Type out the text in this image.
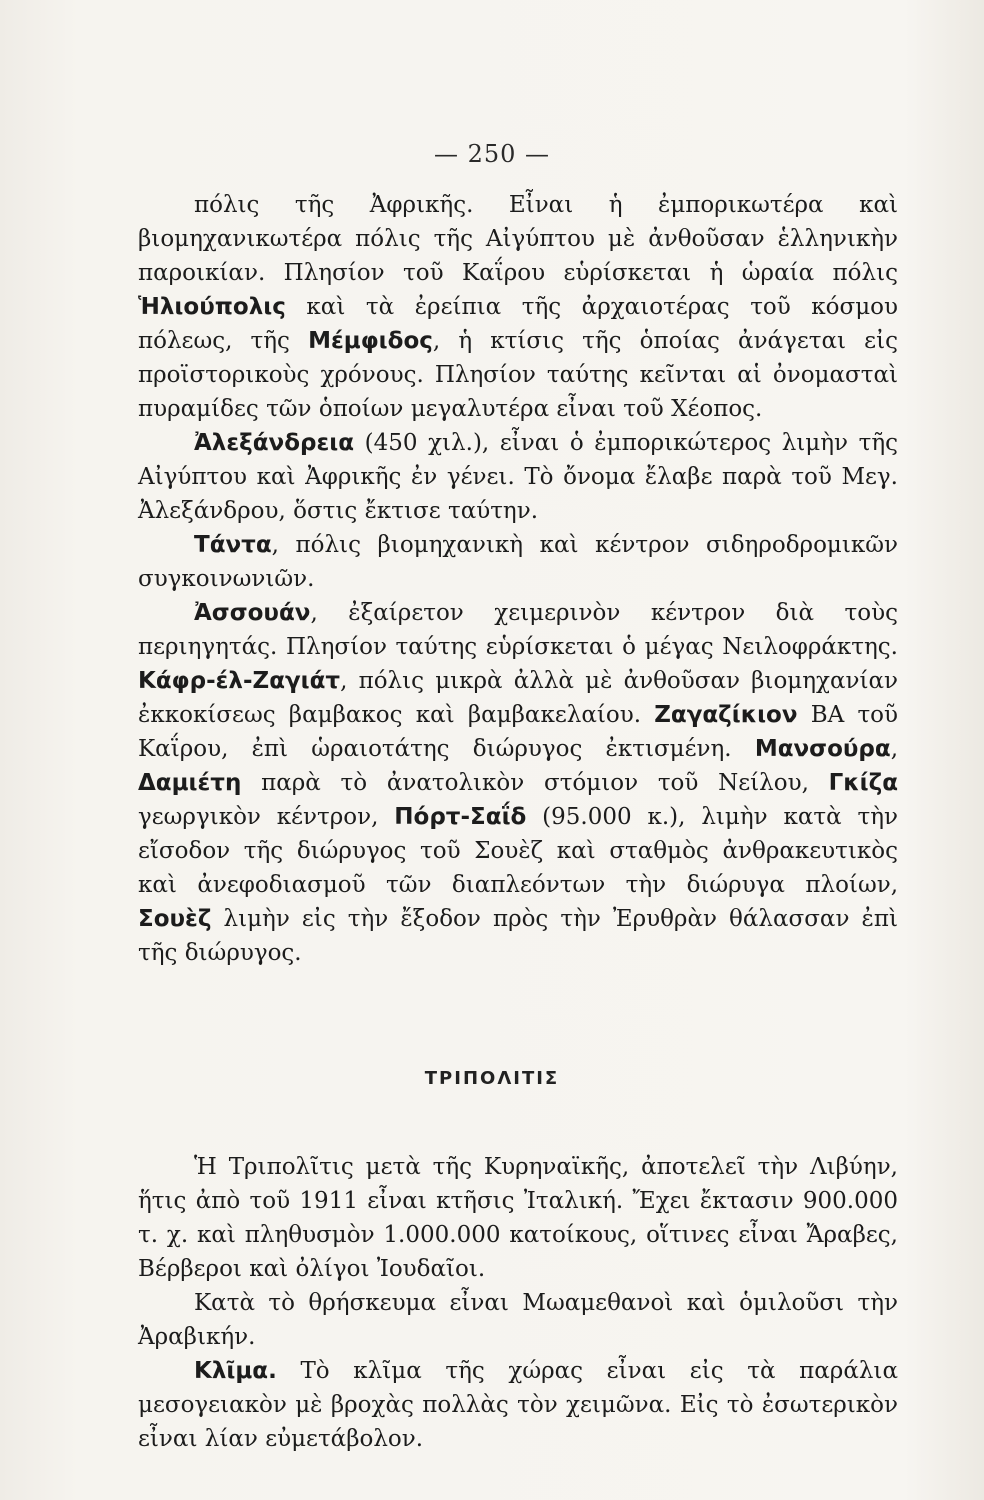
— 250 —

πόλις τῆς Ἀφρικῆς. Εἶναι ἡ ἐμπορικωτέρα καὶ βιομηχανικωτέρα πόλις τῆς Αἰγύπτου μὲ ἀνθοῦσαν ἑλληνικὴν παροικίαν. Πλησίον τοῦ Καΐρου εὑρίσκεται ἡ ὡραία πόλις Ἡλιούπολις καὶ τὰ ἐρείπια τῆς ἀρχαιοτέρας τοῦ κόσμου πόλεως, τῆς Μέμφιδος, ἡ κτίσις τῆς ὁποίας ἀνάγεται εἰς προϊστορικοὺς χρόνους. Πλησίον ταύτης κεῖνται αἱ ὀνομασταὶ πυραμίδες τῶν ὁποίων μεγαλυτέρα εἶναι τοῦ Χέοπος.

Ἀλεξάνδρεια (450 χιλ.), εἶναι ὁ ἐμπορικώτερος λιμὴν τῆς Αἰγύπτου καὶ Ἀφρικῆς ἐν γένει. Τὸ ὄνομα ἔλαβε παρὰ τοῦ Μεγ. Ἀλεξάνδρου, ὅστις ἔκτισε ταύτην.

Τάντα, πόλις βιομηχανικὴ καὶ κέντρον σιδηροδρομικῶν συγκοινωνιῶν.

Ἀσσουάν, ἐξαίρετον χειμερινὸν κέντρον διὰ τοὺς περιηγητάς. Πλησίον ταύτης εὑρίσκεται ὁ μέγας Νειλοφράκτης. Κάφρ-έλ-Ζαγιάτ, πόλις μικρὰ ἀλλὰ μὲ ἀνθοῦσαν βιομηχανίαν ἐκκοκίσεως βαμβακος καὶ βαμβακελαίου. Ζαγαζίκιον ΒΑ τοῦ Καΐρου, ἐπὶ ὡραιοτάτης διώρυγος ἐκτισμένη. Μανσούρα, Δαμιέτη παρὰ τὸ ἀνατολικὸν στόμιον τοῦ Νείλου, Γκίζα γεωργικὸν κέντρον, Πόρτ-Σαΐδ (95.000 κ.), λιμὴν κατὰ τὴν εἴσοδον τῆς διώρυγος τοῦ Σουὲζ καὶ σταθμὸς ἀνθρακευτικὸς καὶ ἀνεφοδιασμοῦ τῶν διαπλεόντων τὴν διώρυγα πλοίων, Σουὲζ λιμὴν εἰς τὴν ἔξοδον πρὸς τὴν Ἐρυθρὰν θάλασσαν ἐπὶ τῆς διώρυγος.

ΤΡΙΠΟΛΙΤΙΣ

Ἡ Τριπολῖτις μετὰ τῆς Κυρηναϊκῆς, ἀποτελεῖ τὴν Λιβύην, ἥτις ἀπὸ τοῦ 1911 εἶναι κτῆσις Ἰταλική. Ἔχει ἔκτασιν 900.000 τ. χ. καὶ πληθυσμὸν 1.000.000 κατοίκους, οἵτινες εἶναι Ἄραβες, Βέρβεροι καὶ ὀλίγοι Ἰουδαῖοι.

Κατὰ τὸ θρήσκευμα εἶναι Μωαμεθανοὶ καὶ ὁμιλοῦσι τὴν Ἀραβικήν.

Κλῖμα. Τὸ κλῖμα τῆς χώρας εἶναι εἰς τὰ παράλια μεσογειακὸν μὲ βροχὰς πολλὰς τὸν χειμῶνα. Εἰς τὸ ἐσωτερικὸν εἶναι λίαν εὐμετάβολον.
